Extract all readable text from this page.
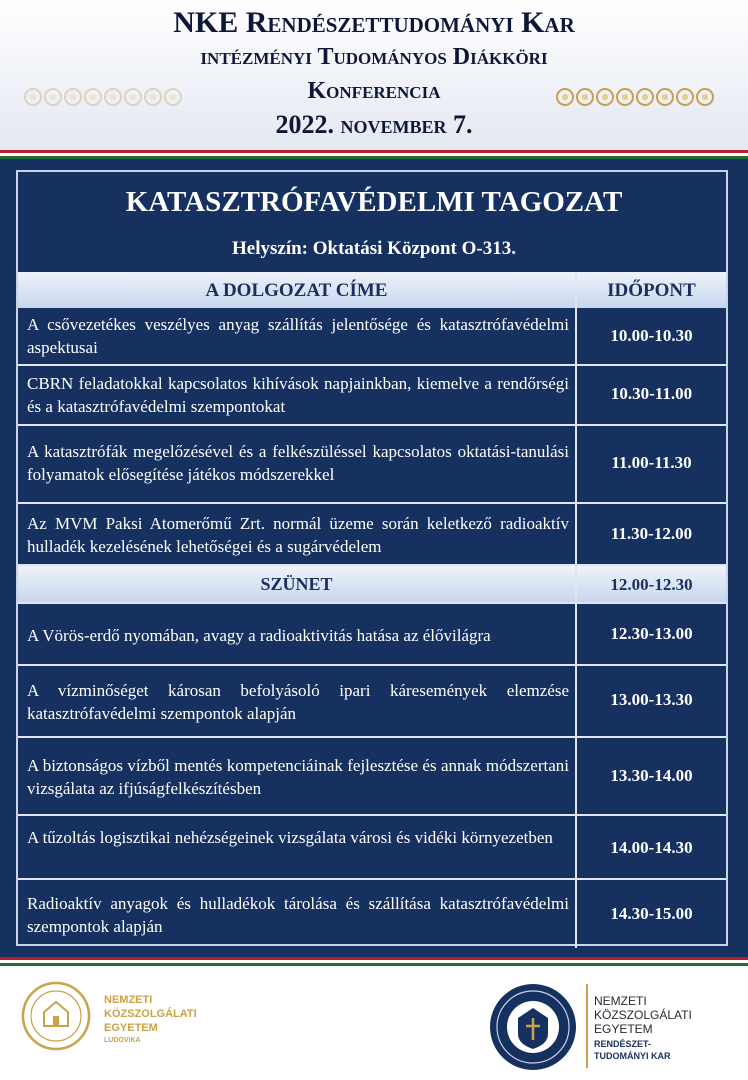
NKE Rendészettudományi Kar
intézményi Tudományos Diákköri
Konferencia
2022. november 7.
KATASZTRÓFAVÉDELMI TAGOZAT
Helyszín: Oktatási Központ O-313.
A DOLGOZAT CÍME	IDŐPONT
A csővezetékes veszélyes anyag szállítás jelentősége és katasztrófavédelmi aspektusai
10.00-10.30
CBRN feladatokkal kapcsolatos kihívások napjainkban, kiemelve a rendőrségi és a katasztrófavédelmi szempontokat
10.30-11.00
A katasztrófák megelőzésével és a felkészüléssel kapcsolatos oktatási-tanulási folyamatok elősegítése játékos módszerekkel
11.00-11.30
Az MVM Paksi Atomerőmű Zrt. normál üzeme során keletkező radioaktív hulladék kezelésének lehetőségei és a sugárvédelem
11.30-12.00
SZÜNET	12.00-12.30
A Vörös-erdő nyomában, avagy a radioaktivitás hatása az élővilágra	12.30-13.00
A vízminőséget károsan befolyásoló ipari káresemények elemzése katasztrófavédelmi szempontok alapján
13.00-13.30
A biztonságos vízből mentés kompetenciáinak fejlesztése és annak módszertani vizsgálata az ifjúságfelkészítésben
13.30-14.00
A tűzoltás logisztikai nehézségeinek vizsgálata városi és vidéki környezetben
14.00-14.30
Radioaktív anyagok és hulladékok tárolása és szállítása katasztrófavédelmi szempontok alapján
14.30-15.00
NEMZETI
KÖZSZOLGÁLATI
EGYETEM
LUDOVIKA
NEMZETI
KÖZSZOLGÁLATI
EGYETEM
RENDÉSZET-
TUDOMÁNYI KAR
